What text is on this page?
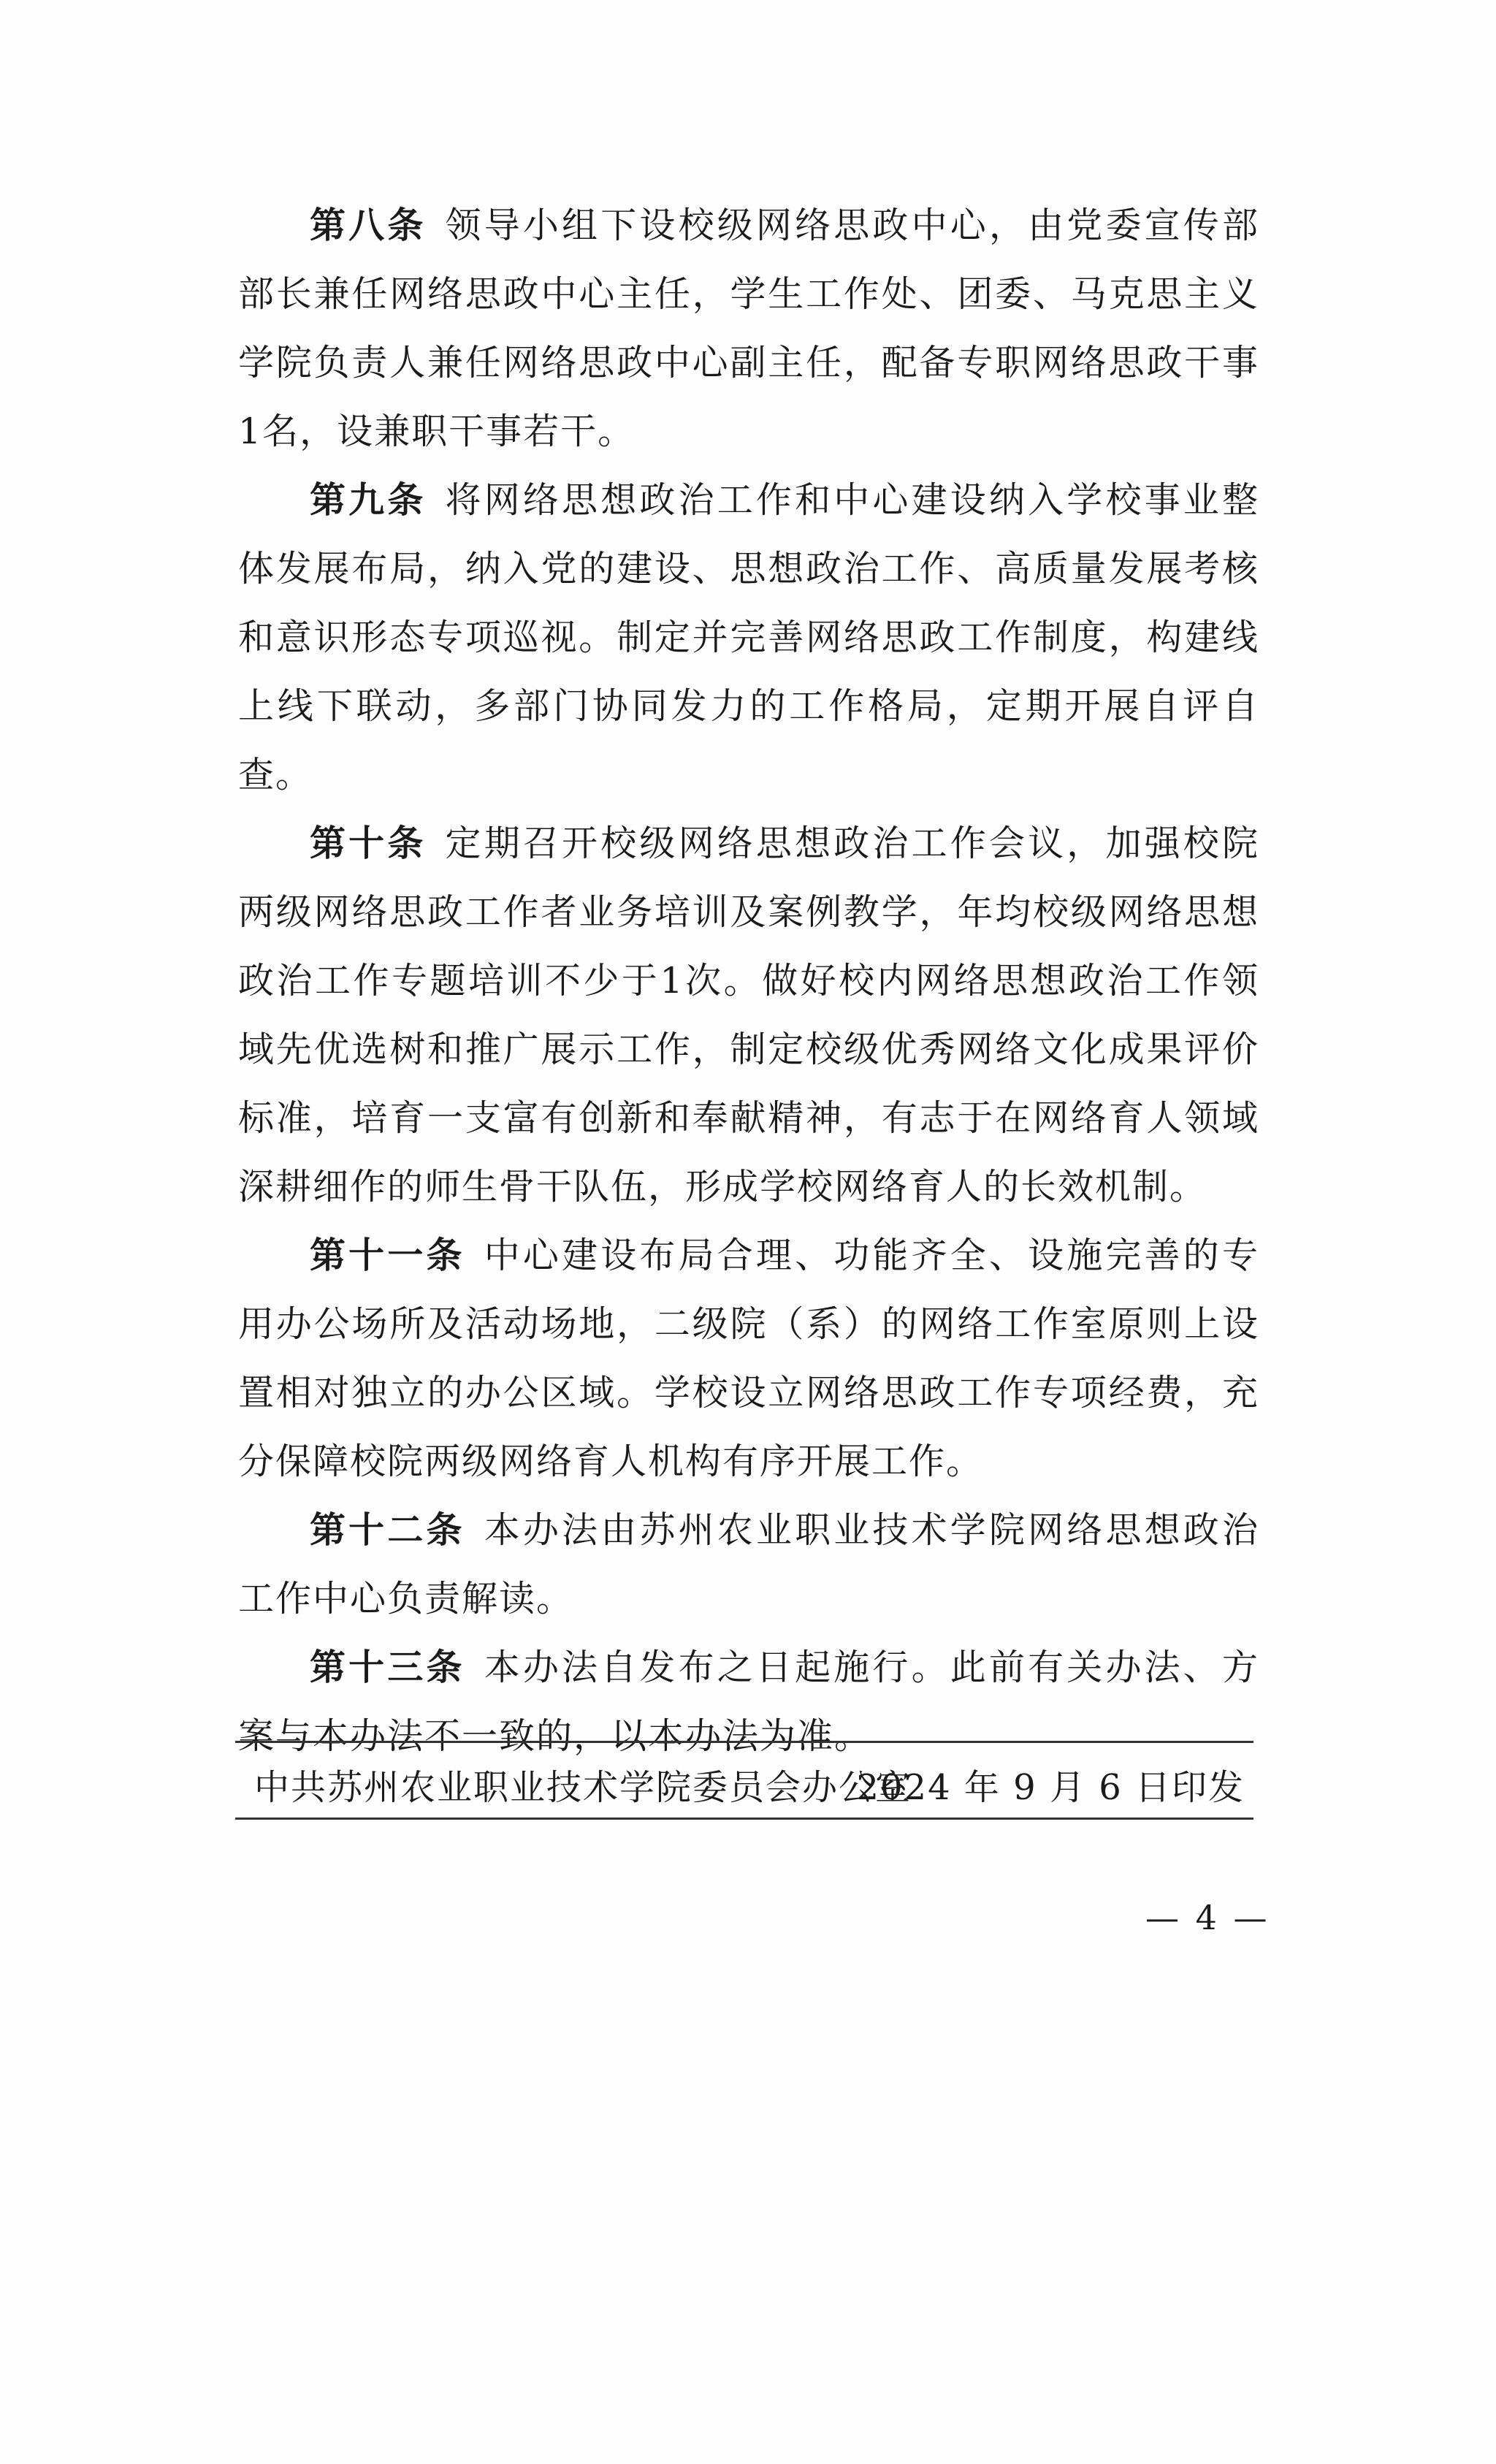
第八条 领导小组下设校级网络思政中心，由党委宣传部部长兼任网络思政中心主任，学生工作处、团委、马克思主义学院负责人兼任网络思政中心副主任，配备专职网络思政干事1名，设兼职干事若干。

第九条 将网络思想政治工作和中心建设纳入学校事业整体发展布局，纳入党的建设、思想政治工作、高质量发展考核和意识形态专项巡视。制定并完善网络思政工作制度，构建线上线下联动，多部门协同发力的工作格局，定期开展自评自查。

第十条 定期召开校级网络思想政治工作会议，加强校院两级网络思政工作者业务培训及案例教学，年均校级网络思想政治工作专题培训不少于1次。做好校内网络思想政治工作领域先优选树和推广展示工作，制定校级优秀网络文化成果评价标准，培育一支富有创新和奉献精神，有志于在网络育人领域深耕细作的师生骨干队伍，形成学校网络育人的长效机制。

第十一条 中心建设布局合理、功能齐全、设施完善的专用办公场所及活动场地，二级院（系）的网络工作室原则上设置相对独立的办公区域。学校设立网络思政工作专项经费，充分保障校院两级网络育人机构有序开展工作。

第十二条 本办法由苏州农业职业技术学院网络思想政治工作中心负责解读。

第十三条 本办法自发布之日起施行。此前有关办法、方案与本办法不一致的，以本办法为准。

中共苏州农业职业技术学院委员会办公室
2024 年 9 月 6 日印发
— 4 —
